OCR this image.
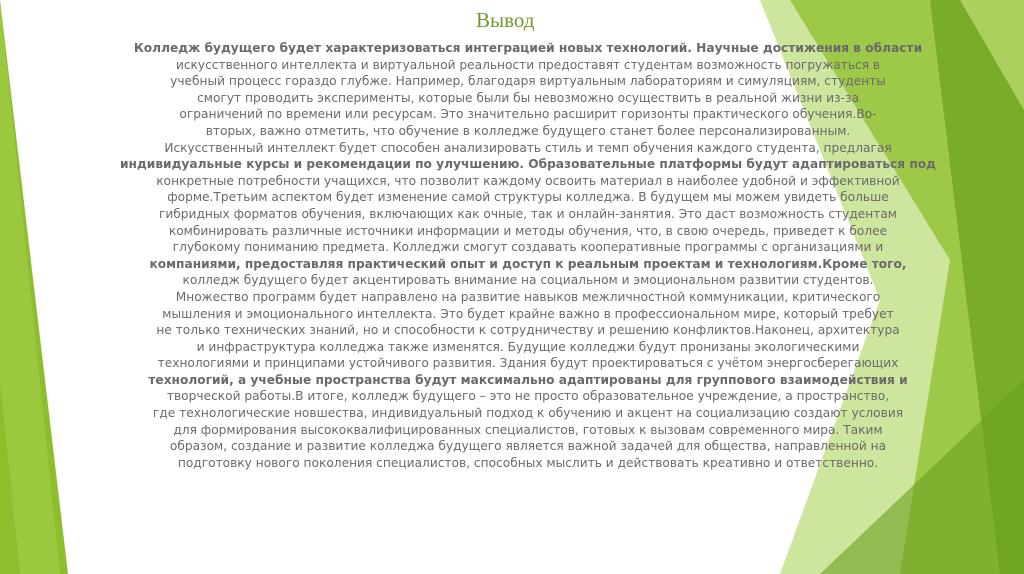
Вывод
Колледж будущего будет характеризоваться интеграцией новых технологий. Научные достижения в области
искусственного интеллекта и виртуальной реальности предоставят студентам возможность погружаться в
учебный процесс гораздо глубже. Например, благодаря виртуальным лабораториям и симуляциям, студенты
смогут проводить эксперименты, которые были бы невозможно осуществить в реальной жизни из-за
ограничений по времени или ресурсам. Это значительно расширит горизонты практического обучения.Во-
вторых, важно отметить, что обучение в колледже будущего станет более персонализированным.
Искусственный интеллект будет способен анализировать стиль и темп обучения каждого студента, предлагая
индивидуальные курсы и рекомендации по улучшению. Образовательные платформы будут адаптироваться под
конкретные потребности учащихся, что позволит каждому освоить материал в наиболее удобной и эффективной
форме.Третьим аспектом будет изменение самой структуры колледжа. В будущем мы можем увидеть больше
гибридных форматов обучения, включающих как очные, так и онлайн-занятия. Это даст возможность студентам
комбинировать различные источники информации и методы обучения, что, в свою очередь, приведет к более
глубокому пониманию предмета. Колледжи смогут создавать кооперативные программы с организациями и
компаниями, предоставляя практический опыт и доступ к реальным проектам и технологиям.Кроме того,
колледж будущего будет акцентировать внимание на социальном и эмоциональном развитии студентов.
Множество программ будет направлено на развитие навыков межличностной коммуникации, критического
мышления и эмоционального интеллекта. Это будет крайне важно в профессиональном мире, который требует
не только технических знаний, но и способности к сотрудничеству и решению конфликтов.Наконец, архитектура
и инфраструктура колледжа также изменятся. Будущие колледжи будут пронизаны экологическими
технологиями и принципами устойчивого развития. Здания будут проектироваться с учётом энергосберегающих
технологий, а учебные пространства будут максимально адаптированы для группового взаимодействия и
творческой работы.В итоге, колледж будущего – это не просто образовательное учреждение, а пространство,
где технологические новшества, индивидуальный подход к обучению и акцент на социализацию создают условия
для формирования высококвалифицированных специалистов, готовых к вызовам современного мира. Таким
образом, создание и развитие колледжа будущего является важной задачей для общества, направленной на
подготовку нового поколения специалистов, способных мыслить и действовать креативно и ответственно.
